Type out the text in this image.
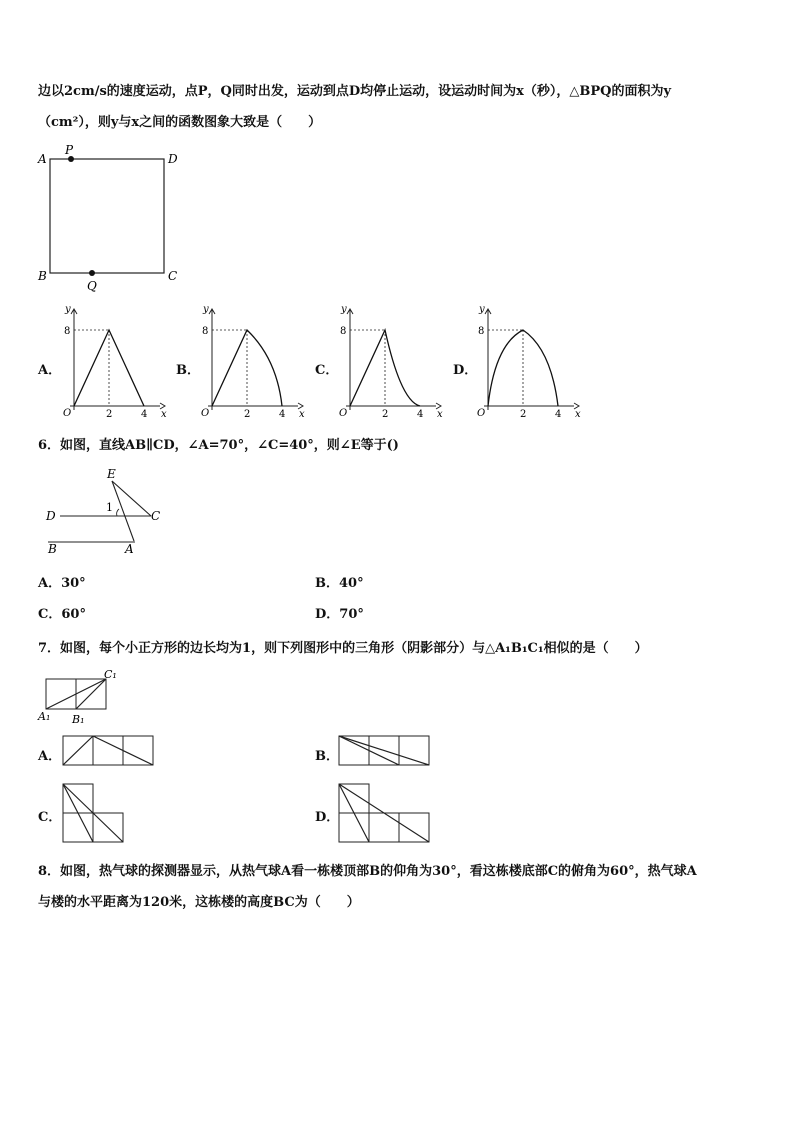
边以2cm/s的速度运动，点P，Q同时出发，运动到点D均停止运动，设运动时间为x（秒），△BPQ的面积为y
（cm²），则y与x之间的函数图象大致是（　　）
A
P
D
B
Q
C
A．	B．	C．	D．
y
x
O
8
2	4
y
x
O
8
2	4
y
x
O
8
2	4
y
x
O
8
2	4
6．如图，直线AB∥CD，∠A=70°，∠C=40°，则∠E等于()
E
1
D	C
B	A
A．30°	B．40°
C．60°	D．70°
7．如图，每个小正方形的边长均为1，则下列图形中的三角形（阴影部分）与△A₁B₁C₁相似的是（　　）
C₁
A₁ B₁
A．	B．
C．	D．
8．如图，热气球的探测器显示，从热气球A看一栋楼顶部B的仰角为30°，看这栋楼底部C的俯角为60°，热气球A
与楼的水平距离为120米，这栋楼的高度BC为（　　）
